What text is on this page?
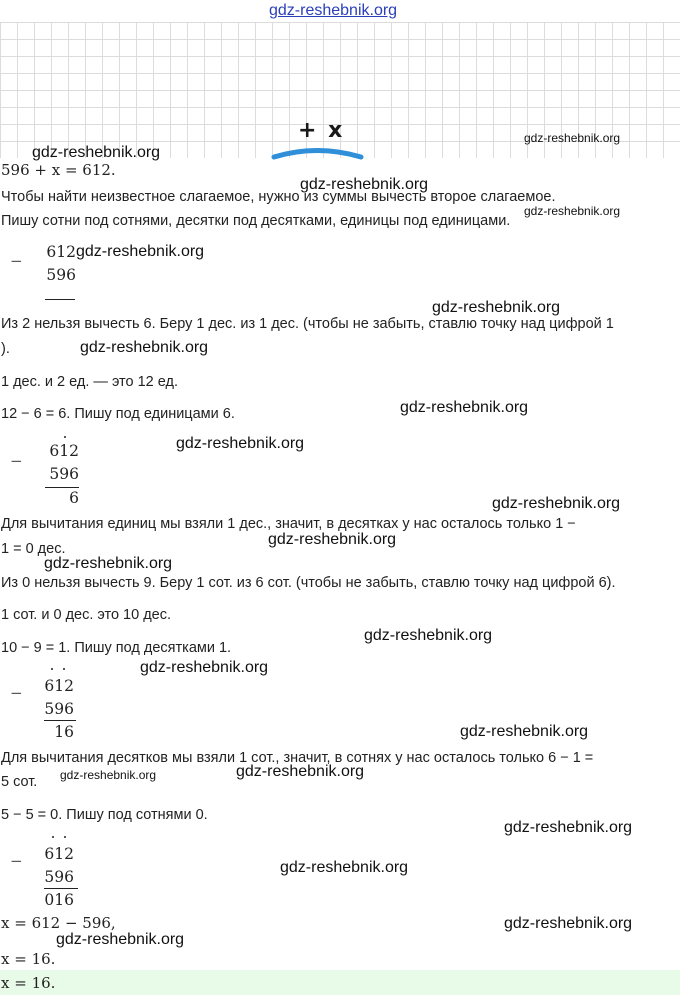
gdz-reshebnik.org
+ x
596 + x = 612.
Чтобы найти неизвестное слагаемое, нужно из суммы вычесть второе слагаемое.
Пишу сотни под сотнями, десятки под десятками, единицы под единицами.
− 612
596
Из 2 нельзя вычесть 6. Беру 1 дес. из 1 дес. (чтобы не забыть, ставлю точку над цифрой 1
).
1 дес. и 2 ед. — это 12 ед.
12 − 6 = 6. Пишу под единицами 6.
−
612
596
6
Для вычитания единиц мы взяли 1 дес., значит, в десятках у нас осталось только 1 −
1 = 0 дес.
Из 0 нельзя вычесть 9. Беру 1 сот. из 6 сот. (чтобы не забыть, ставлю точку над цифрой 6).
1 сот. и 0 дес. это 10 дес.
10 − 9 = 1. Пишу под десятками 1.
− 612
596
16
Для вычитания десятков мы взяли 1 сот., значит, в сотнях у нас осталось только 6 − 1 =
5 сот.
5 − 5 = 0. Пишу под сотнями 0.
− 612
596
016
x = 612 − 596,
x = 16.
x = 16.
gdz-reshebnik.org
gdz-reshebnik.org
gdz-reshebnik.org
gdz-reshebnik.org
gdz-reshebnik.org
gdz-reshebnik.org
gdz-reshebnik.org
gdz-reshebnik.org
gdz-reshebnik.org
gdz-reshebnik.org
gdz-reshebnik.org
gdz-reshebnik.org
gdz-reshebnik.org
gdz-reshebnik.org
gdz-reshebnik.org
gdz-reshebnik.org	gdz-reshebnik.org
gdz-reshebnik.org
gdz-reshebnik.org
gdz-reshebnik.org
gdz-reshebnik.org
